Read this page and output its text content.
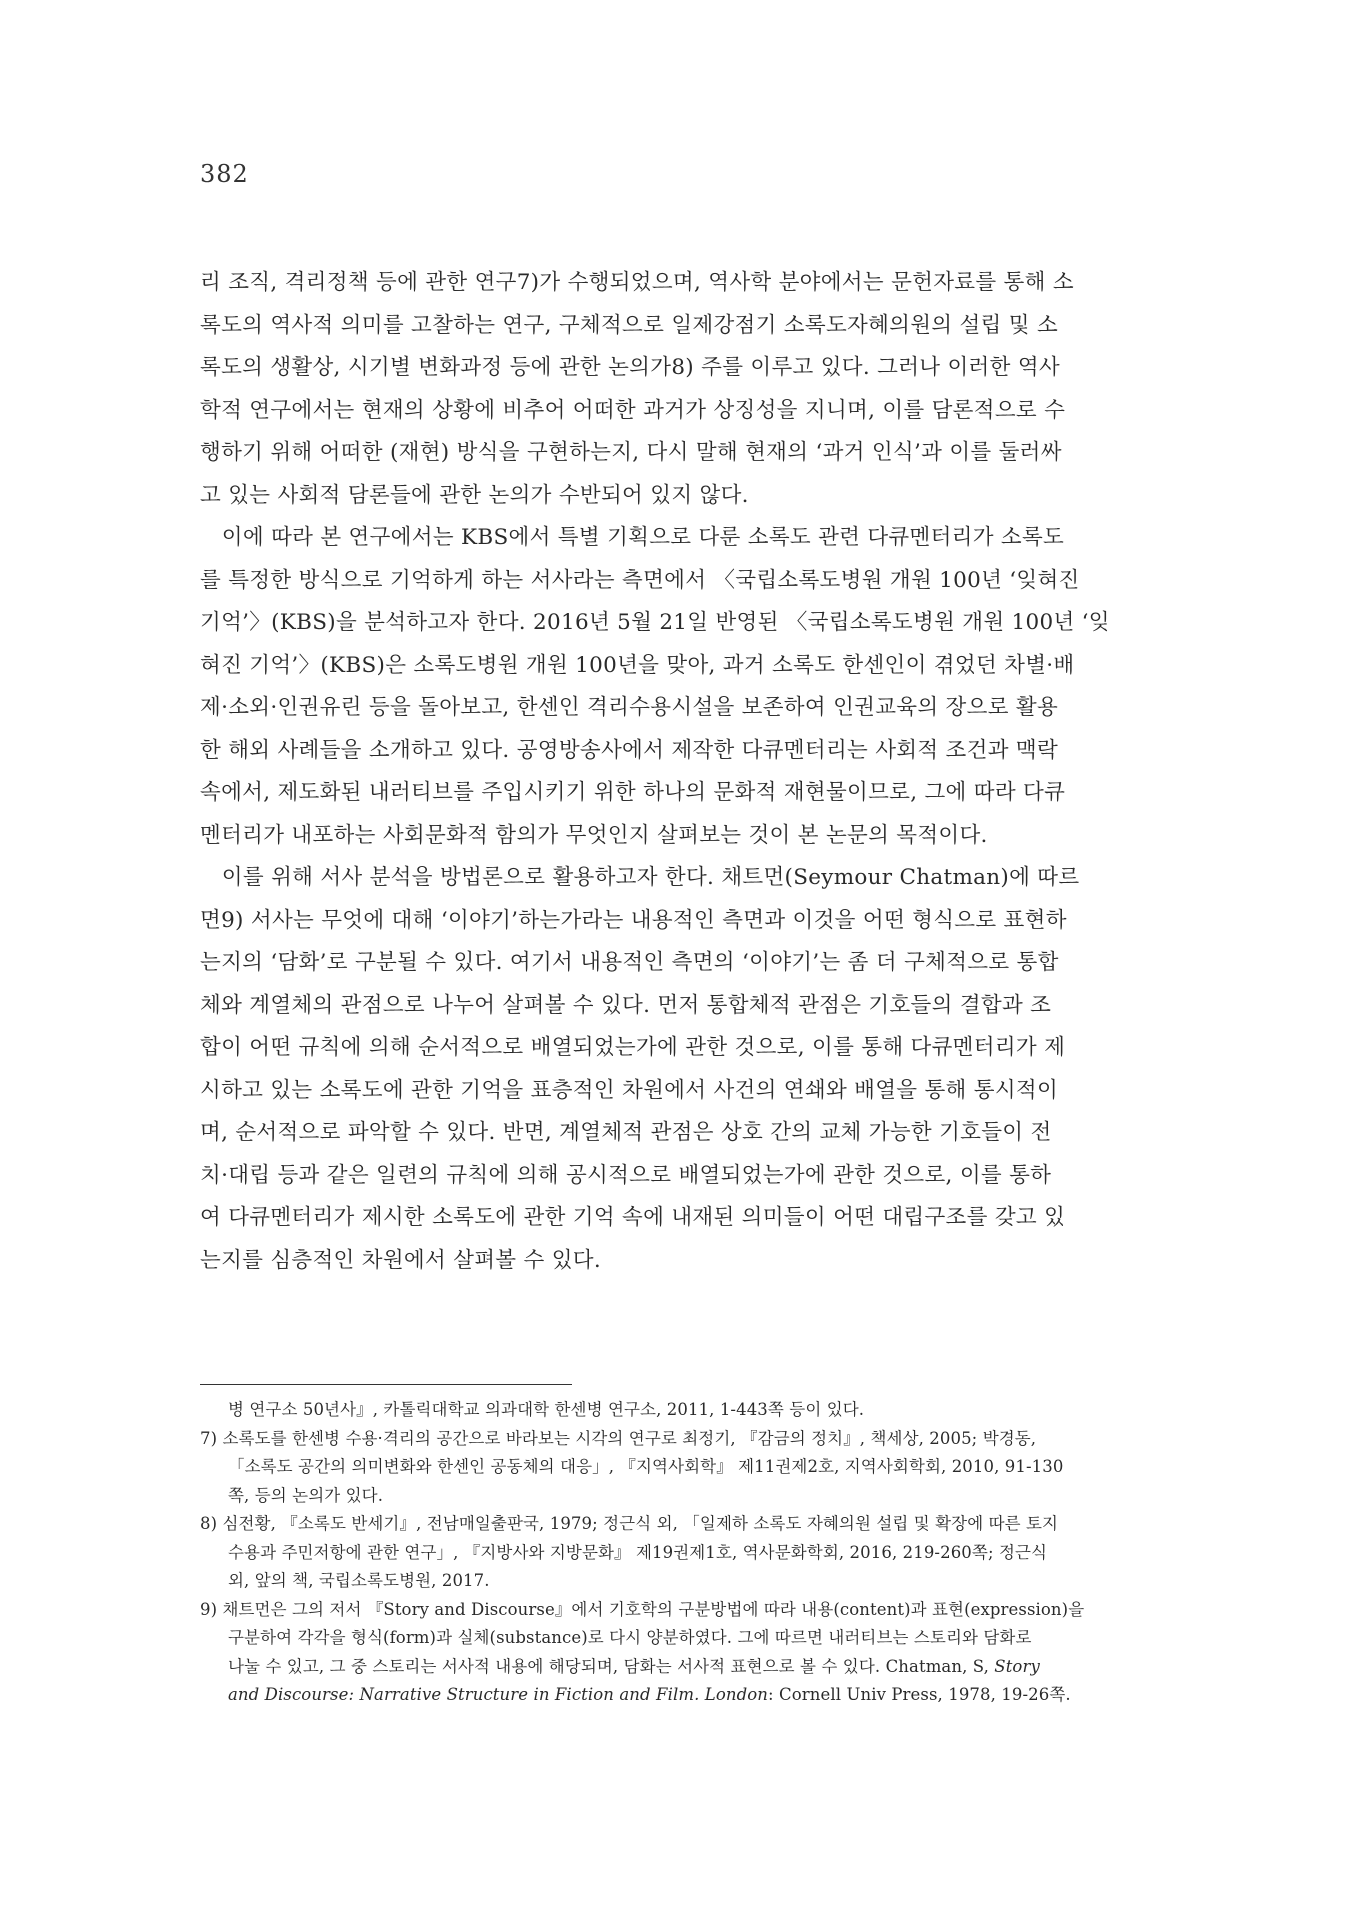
382
리 조직, 격리정책 등에 관한 연구7)가 수행되었으며, 역사학 분야에서는 문헌자료를 통해 소
록도의 역사적 의미를 고찰하는 연구, 구체적으로 일제강점기 소록도자혜의원의 설립 및 소
록도의 생활상, 시기별 변화과정 등에 관한 논의가8) 주를 이루고 있다. 그러나 이러한 역사
학적 연구에서는 현재의 상황에 비추어 어떠한 과거가 상징성을 지니며, 이를 담론적으로 수
행하기 위해 어떠한 (재현) 방식을 구현하는지, 다시 말해 현재의 ‘과거 인식’과 이를 둘러싸
고 있는 사회적 담론들에 관한 논의가 수반되어 있지 않다.
　이에 따라 본 연구에서는 KBS에서 특별 기획으로 다룬 소록도 관련 다큐멘터리가 소록도
를 특정한 방식으로 기억하게 하는 서사라는 측면에서 〈국립소록도병원 개원 100년 ‘잊혀진
기억’〉(KBS)을 분석하고자 한다. 2016년 5월 21일 반영된 〈국립소록도병원 개원 100년 ‘잊
혀진 기억’〉(KBS)은 소록도병원 개원 100년을 맞아, 과거 소록도 한센인이 겪었던 차별·배
제·소외·인권유린 등을 돌아보고, 한센인 격리수용시설을 보존하여 인권교육의 장으로 활용
한 해외 사례들을 소개하고 있다. 공영방송사에서 제작한 다큐멘터리는 사회적 조건과 맥락
속에서, 제도화된 내러티브를 주입시키기 위한 하나의 문화적 재현물이므로, 그에 따라 다큐
멘터리가 내포하는 사회문화적 함의가 무엇인지 살펴보는 것이 본 논문의 목적이다.
　이를 위해 서사 분석을 방법론으로 활용하고자 한다. 채트먼(Seymour Chatman)에 따르
면9) 서사는 무엇에 대해 ‘이야기’하는가라는 내용적인 측면과 이것을 어떤 형식으로 표현하
는지의 ‘담화’로 구분될 수 있다. 여기서 내용적인 측면의 ‘이야기’는 좀 더 구체적으로 통합
체와 계열체의 관점으로 나누어 살펴볼 수 있다. 먼저 통합체적 관점은 기호들의 결합과 조
합이 어떤 규칙에 의해 순서적으로 배열되었는가에 관한 것으로, 이를 통해 다큐멘터리가 제
시하고 있는 소록도에 관한 기억을 표층적인 차원에서 사건의 연쇄와 배열을 통해 통시적이
며, 순서적으로 파악할 수 있다. 반면, 계열체적 관점은 상호 간의 교체 가능한 기호들이 전
치·대립 등과 같은 일련의 규칙에 의해 공시적으로 배열되었는가에 관한 것으로, 이를 통하
여 다큐멘터리가 제시한 소록도에 관한 기억 속에 내재된 의미들이 어떤 대립구조를 갖고 있
는지를 심층적인 차원에서 살펴볼 수 있다.
병 연구소 50년사』, 카톨릭대학교 의과대학 한센병 연구소, 2011, 1-443쪽 등이 있다.
7) 소록도를 한센병 수용·격리의 공간으로 바라보는 시각의 연구로 최정기, 『감금의 정치』, 책세상, 2005; 박경동,
「소록도 공간의 의미변화와 한센인 공동체의 대응」, 『지역사회학』 제11권제2호, 지역사회학회, 2010, 91-130
쪽, 등의 논의가 있다.
8) 심전황, 『소록도 반세기』, 전남매일출판국, 1979; 정근식 외, 「일제하 소록도 자혜의원 설립 및 확장에 따른 토지
수용과 주민저항에 관한 연구」, 『지방사와 지방문화』 제19권제1호, 역사문화학회, 2016, 219-260쪽; 정근식
외, 앞의 책, 국립소록도병원, 2017.
9) 채트먼은 그의 저서 『Story and Discourse』에서 기호학의 구분방법에 따라 내용(content)과 표현(expression)을
구분하여 각각을 형식(form)과 실체(substance)로 다시 양분하였다. 그에 따르면 내러티브는 스토리와 담화로
나눌 수 있고, 그 중 스토리는 서사적 내용에 해당되며, 담화는 서사적 표현으로 볼 수 있다. Chatman, S, Story
and Discourse: Narrative Structure in Fiction and Film. London: Cornell Univ Press, 1978, 19-26쪽.
